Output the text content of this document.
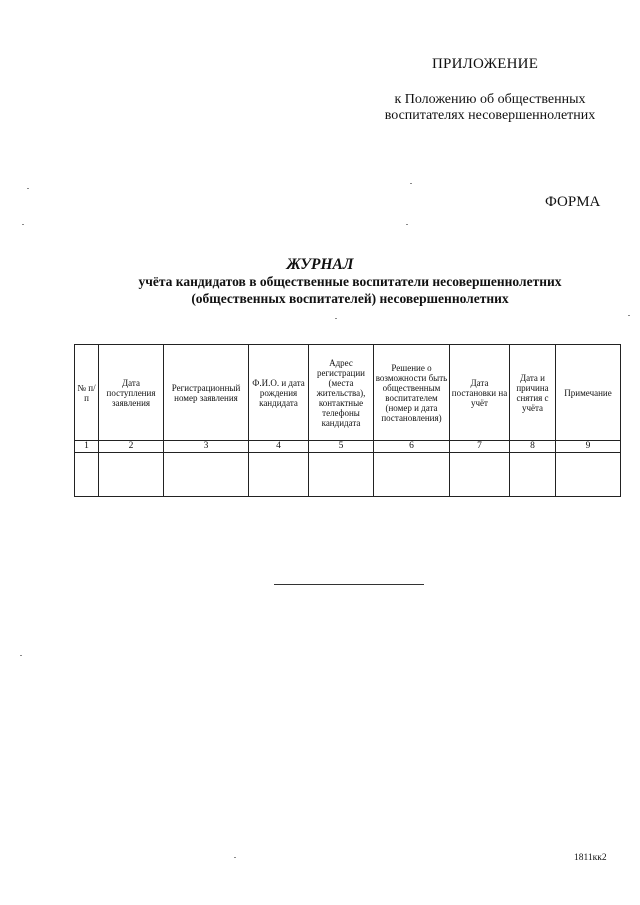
ПРИЛОЖЕНИЕ
к Положению об общественных
воспитателях несовершеннолетних
ФОРМА
ЖУРНАЛ
учёта кандидатов в общественные воспитатели несовершеннолетних
(общественных воспитателей) несовершеннолетних
№ п/п	Дата поступления заявления	Регистрационный номер заявления	Ф.И.О. и дата рождения кандидата	Адрес регистрации (места жительства), контактные телефоны кандидата	Решение о возможности быть общественным воспитателем (номер и дата постановления)	Дата постановки на учёт	Дата и причина снятия с учёта	Примечание
1	2	3	4	5	6	7	8	9

1811кк2
